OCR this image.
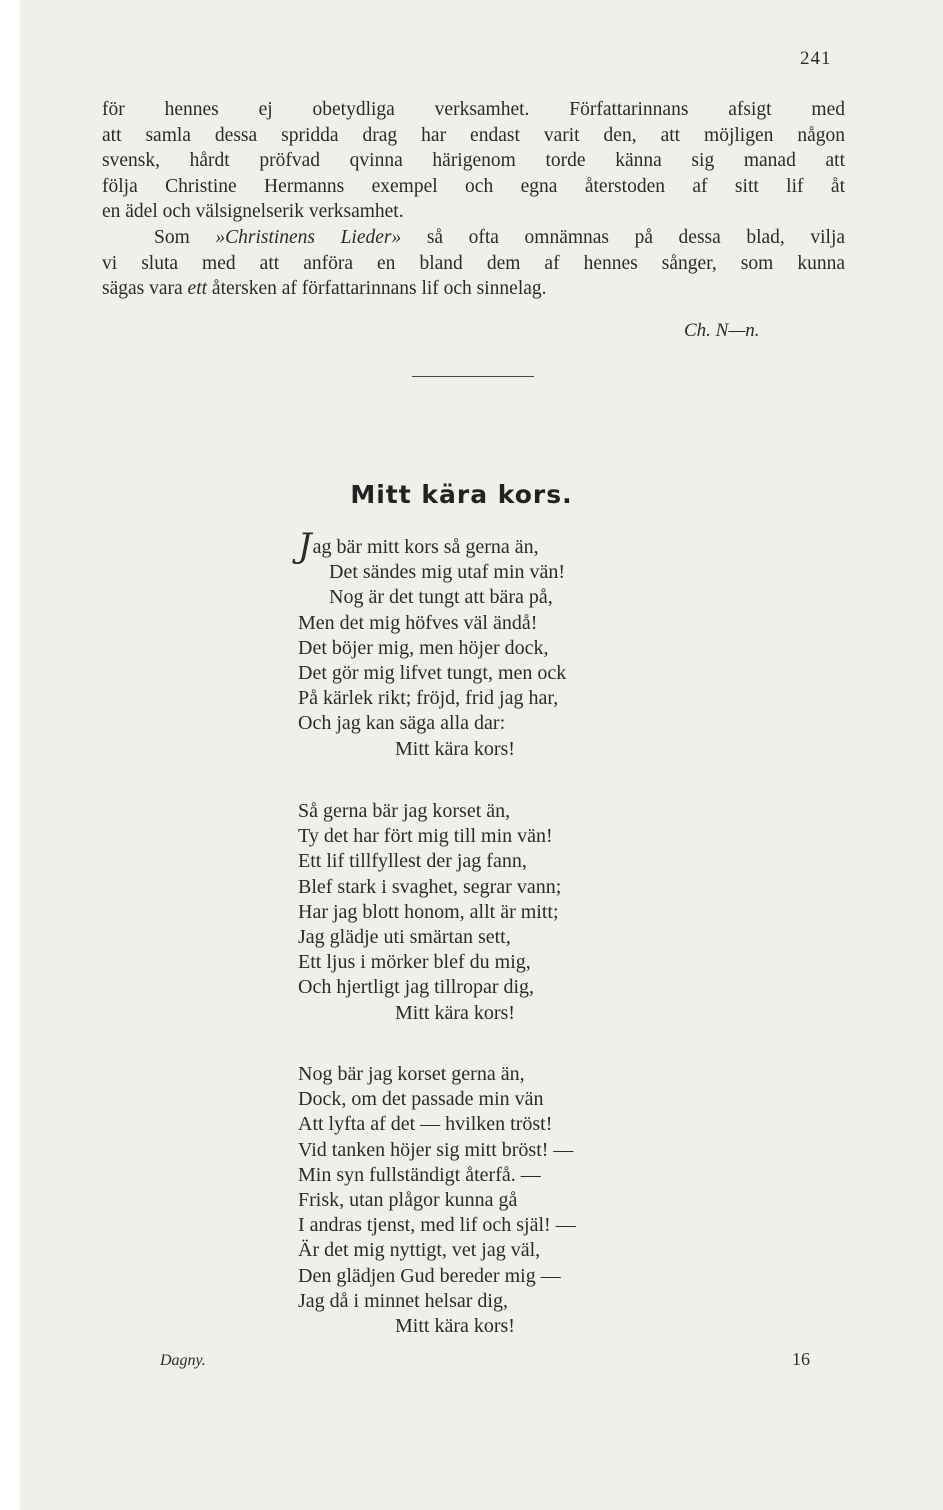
241
för hennes ej obetydliga verksamhet. Författarinnans afsigt med
att samla dessa spridda drag har endast varit den, att möjligen någon
svensk, hårdt pröfvad qvinna härigenom torde känna sig manad att
följa Christine Hermanns exempel och egna återstoden af sitt lif åt
en ädel och välsignelserik verksamhet.
Som »Christinens Lieder» så ofta omnämnas på dessa blad, vilja
vi sluta med att anföra en bland dem af hennes sånger, som kunna
sägas vara ett återsken af författarinnans lif och sinnelag.
Ch. N—n.
Mitt kära kors.
Jag bär mitt kors så gerna än,
Det sändes mig utaf min vän!
Nog är det tungt att bära på,
Men det mig höfves väl ändå!
Det böjer mig, men höjer dock,
Det gör mig lifvet tungt, men ock
På kärlek rikt; fröjd, frid jag har,
Och jag kan säga alla dar:
Mitt kära kors!
Så gerna bär jag korset än,
Ty det har fört mig till min vän!
Ett lif tillfyllest der jag fann,
Blef stark i svaghet, segrar vann;
Har jag blott honom, allt är mitt;
Jag glädje uti smärtan sett,
Ett ljus i mörker blef du mig,
Och hjertligt jag tillropar dig,
Mitt kära kors!
Nog bär jag korset gerna än,
Dock, om det passade min vän
Att lyfta af det — hvilken tröst!
Vid tanken höjer sig mitt bröst! —
Min syn fullständigt återfå. —
Frisk, utan plågor kunna gå
I andras tjenst, med lif och själ! —
Är det mig nyttigt, vet jag väl,
Den glädjen Gud bereder mig —
Jag då i minnet helsar dig,
Mitt kära kors!
Dagny.	16
